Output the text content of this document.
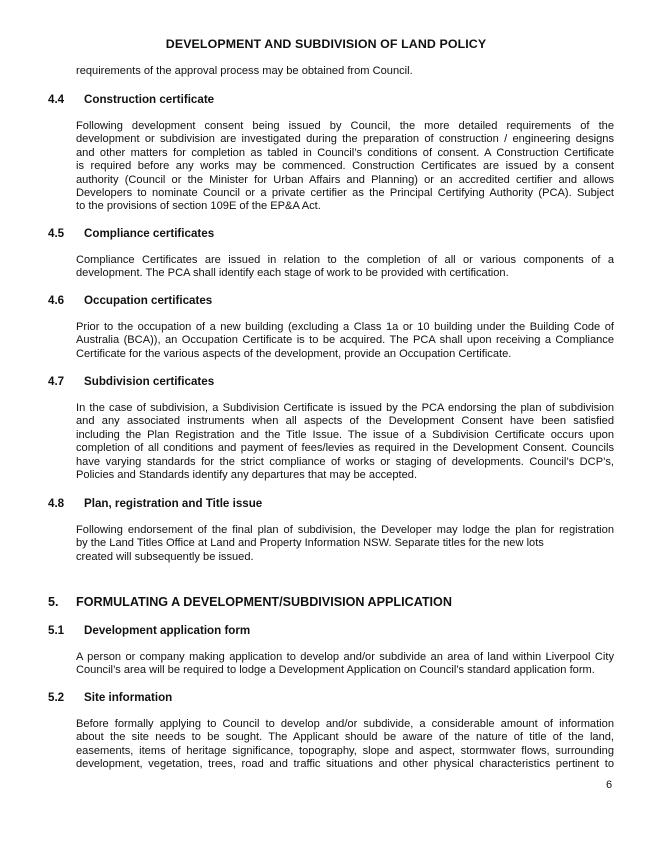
DEVELOPMENT AND SUBDIVISION OF LAND POLICY
requirements of the approval process may be obtained from Council.
4.4 Construction certificate
Following development consent being issued by Council, the more detailed requirements of the
development or subdivision are investigated during the preparation of construction / engineering designs
and other matters for completion as tabled in Council’s conditions of consent. A Construction Certificate
is required before any works may be commenced. Construction Certificates are issued by a consent
authority (Council or the Minister for Urban Affairs and Planning) or an accredited certifier and allows
Developers to nominate Council or a private certifier as the Principal Certifying Authority (PCA). Subject
to the provisions of section 109E of the EP&A Act.
4.5 Compliance certificates
Compliance Certificates are issued in relation to the completion of all or various components of a
development. The PCA shall identify each stage of work to be provided with certification.
4.6 Occupation certificates
Prior to the occupation of a new building (excluding a Class 1a or 10 building under the Building Code of
Australia (BCA)), an Occupation Certificate is to be acquired. The PCA shall upon receiving a Compliance
Certificate for the various aspects of the development, provide an Occupation Certificate.
4.7 Subdivision certificates
In the case of subdivision, a Subdivision Certificate is issued by the PCA endorsing the plan of subdivision
and any associated instruments when all aspects of the Development Consent have been satisfied
including the Plan Registration and the Title Issue. The issue of a Subdivision Certificate occurs upon
completion of all conditions and payment of fees/levies as required in the Development Consent. Councils
have varying standards for the strict compliance of works or staging of developments. Council’s DCP’s,
Policies and Standards identify any departures that may be accepted.
4.8 Plan, registration and Title issue
Following endorsement of the final plan of subdivision, the Developer may lodge the plan for registration
by the Land Titles Office at Land and Property Information NSW. Separate titles for the new lots
created will subsequently be issued.
5. FORMULATING A DEVELOPMENT/SUBDIVISION APPLICATION
5.1 Development application form
A person or company making application to develop and/or subdivide an area of land within Liverpool City
Council’s area will be required to lodge a Development Application on Council’s standard application form.
5.2 Site information
Before formally applying to Council to develop and/or subdivide, a considerable amount of information
about the site needs to be sought. The Applicant should be aware of the nature of title of the land,
easements, items of heritage significance, topography, slope and aspect, stormwater flows, surrounding
development, vegetation, trees, road and traffic situations and other physical characteristics pertinent to
6
